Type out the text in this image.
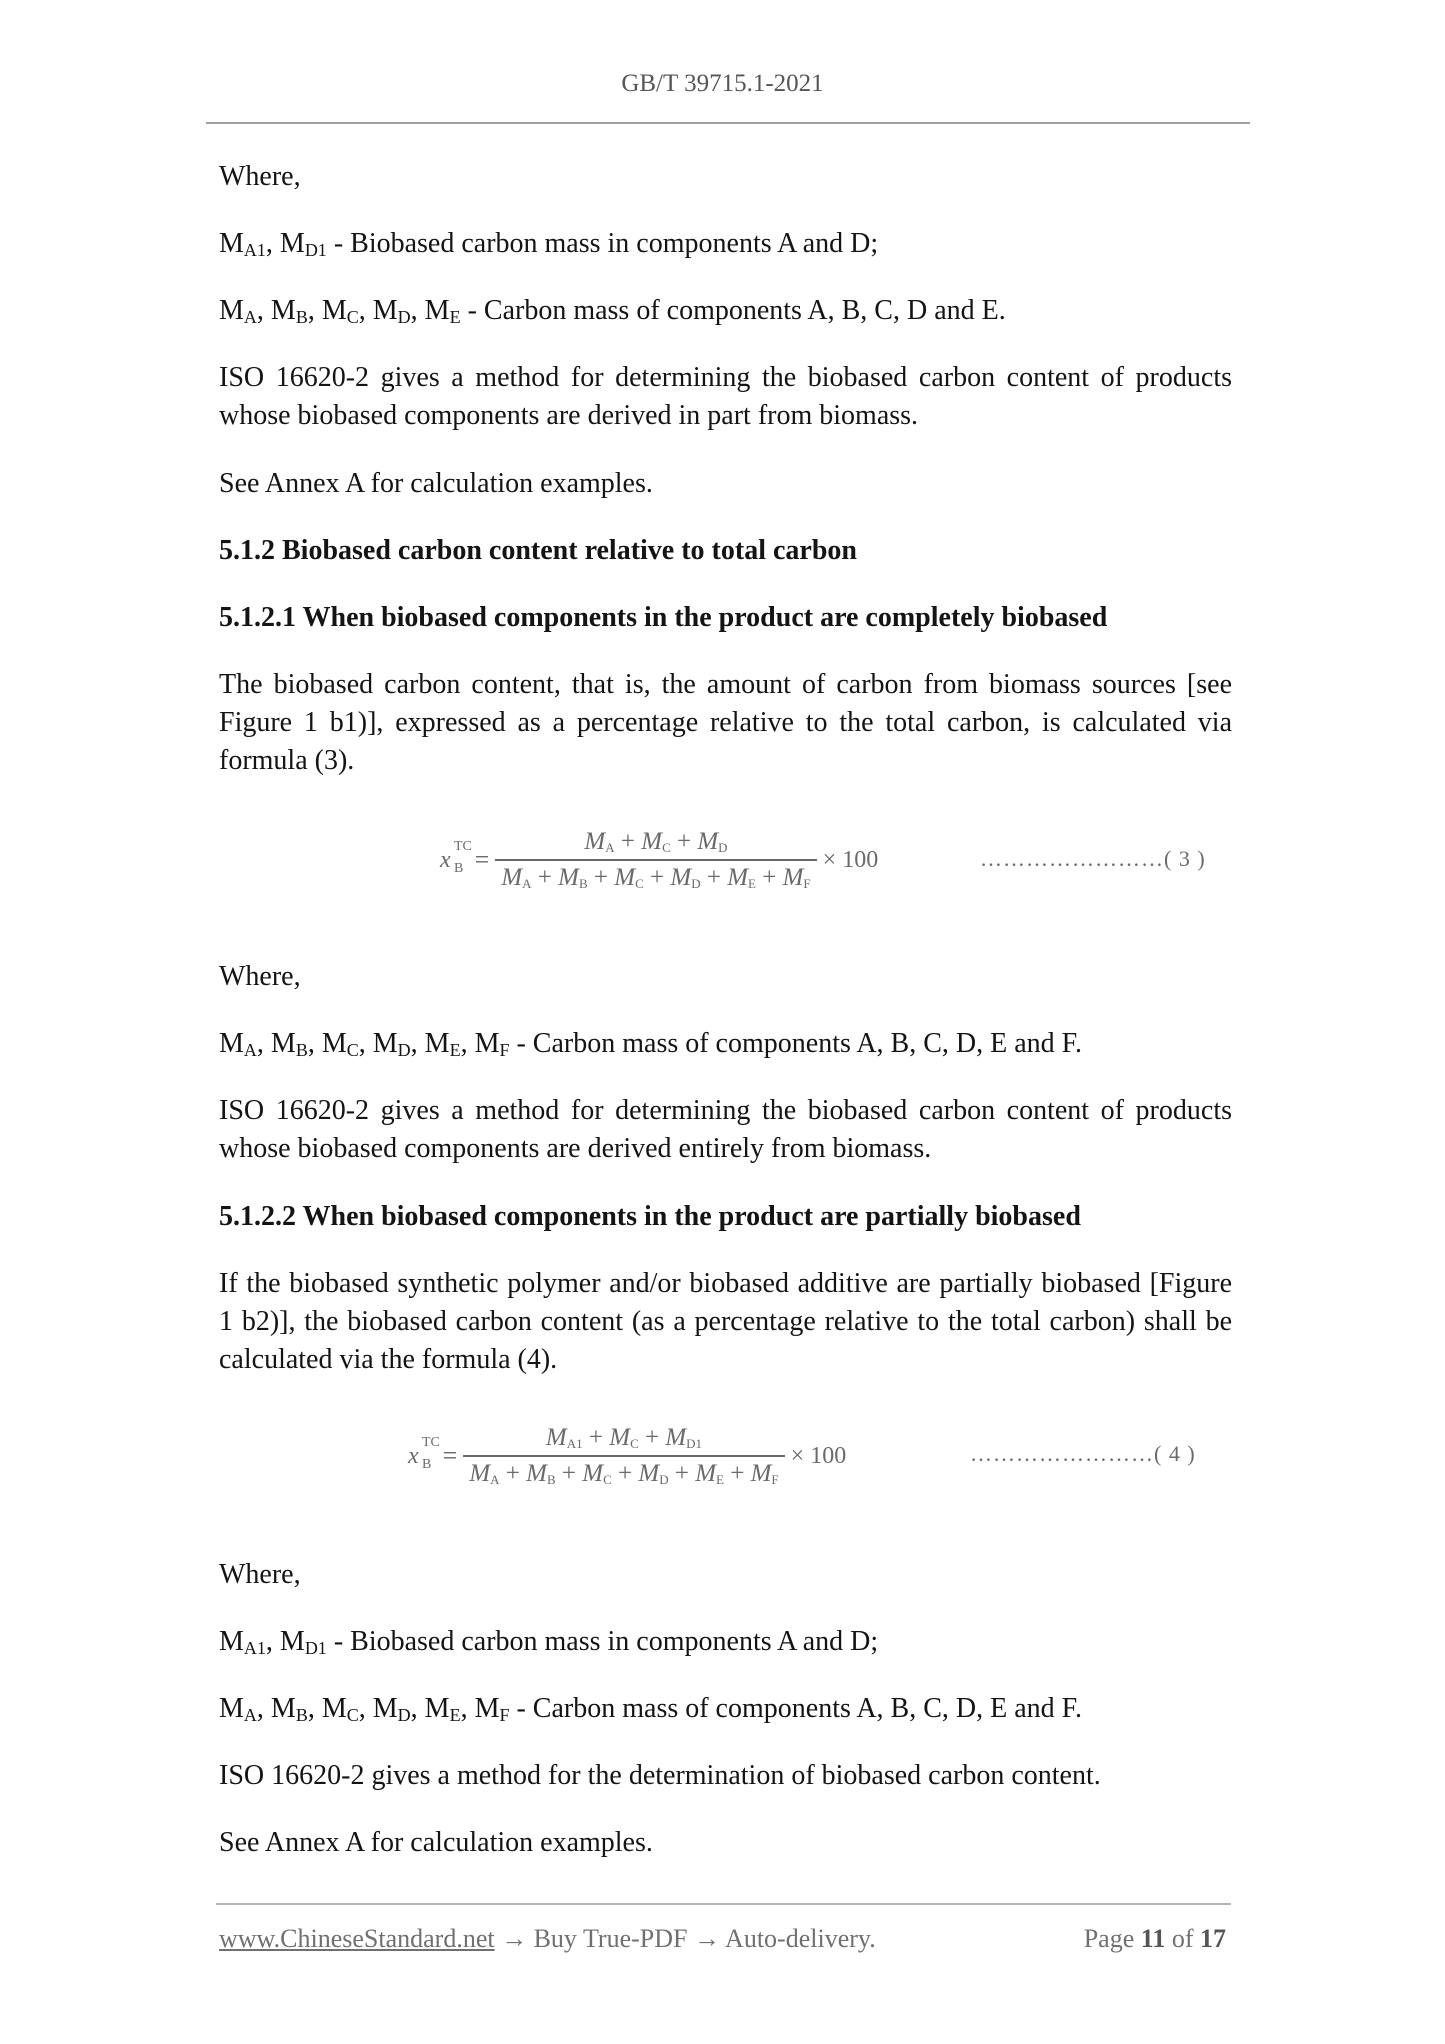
GB/T 39715.1-2021
Where,
$M_{A1}$, $M_{D1}$ - Biobased carbon mass in components A and D;
$M_A$, $M_B$, $M_C$, $M_D$, $M_E$ - Carbon mass of components A, B, C, D and E.
ISO 16620-2 gives a method for determining the biobased carbon content of products whose biobased components are derived in part from biomass.
See Annex A for calculation examples.
5.1.2 Biobased carbon content relative to total carbon
5.1.2.1 When biobased components in the product are completely biobased
The biobased carbon content, that is, the amount of carbon from biomass sources [see Figure 1 b1)], expressed as a percentage relative to the total carbon, is calculated via formula (3).
x
TC
$B = \frac{M_A + M_C + M_D}{M_A + M_B + M_C + M_D + M_E + M_F} \times 100$	……………………( 3 )
Where,
$M_A$, $M_B$, $M_C$, $M_D$, $M_E$, $M_F$ - Carbon mass of components A, B, C, D, E and F.
ISO 16620-2 gives a method for determining the biobased carbon content of products whose biobased components are derived entirely from biomass.
5.1.2.2 When biobased components in the product are partially biobased
If the biobased synthetic polymer and/or biobased additive are partially biobased [Figure 1 b2)], the biobased carbon content (as a percentage relative to the total carbon) shall be calculated via the formula (4).
x
TC
$B = \frac{M_{A1} + M_C + M_{D1}}{M_A + M_B + M_C + M_D + M_E + M_F} \times 100$	……………………( 4 )
Where,
$M_{A1}$, $M_{D1}$ - Biobased carbon mass in components A and D;
$M_A$, $M_B$, $M_C$, $M_D$, $M_E$, $M_F$ - Carbon mass of components A, B, C, D, E and F.
ISO 16620-2 gives a method for the determination of biobased carbon content.
See Annex A for calculation examples.
www.ChineseStandard.net → Buy True-PDF → Auto-delivery.	Page 11 of 17
